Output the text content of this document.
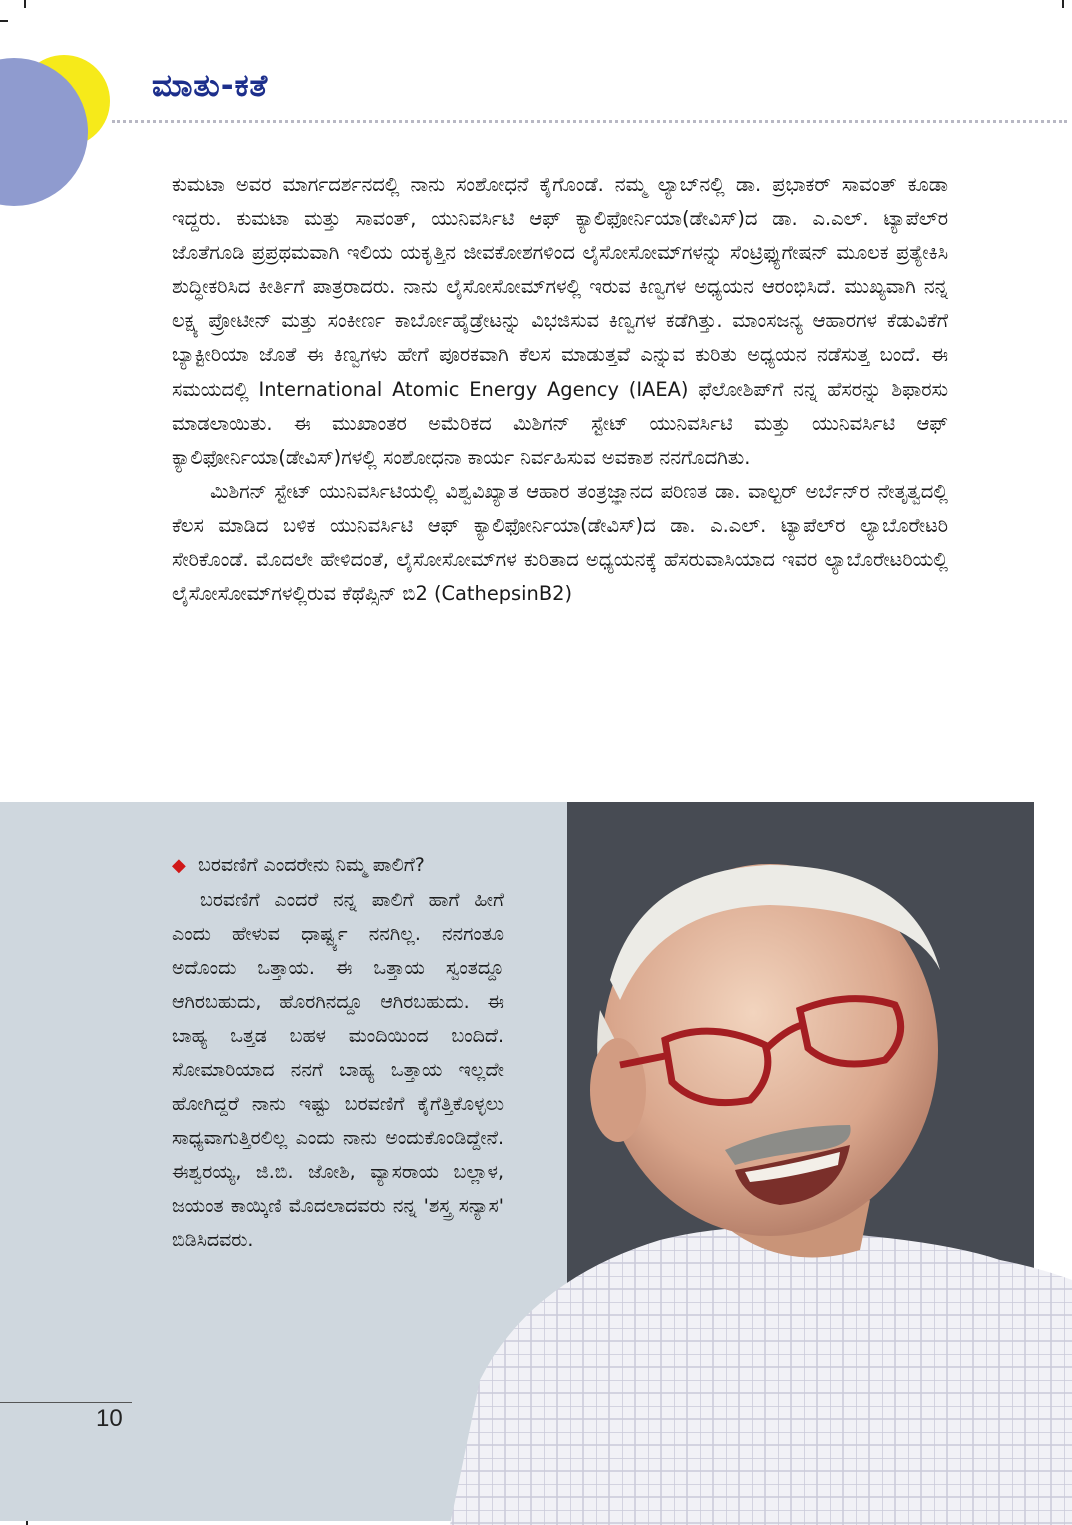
ಮಾತು-ಕತೆ

ಕುಮಟಾ ಅವರ ಮಾರ್ಗದರ್ಶನದಲ್ಲಿ ನಾನು ಸಂಶೋಧನೆ ಕೈಗೊಂಡೆ. ನಮ್ಮ ಲ್ಯಾಬ್‌ನಲ್ಲಿ ಡಾ. ಪ್ರಭಾಕರ್ ಸಾವಂತ್ ಕೂಡಾ ಇದ್ದರು. ಕುಮಟಾ ಮತ್ತು ಸಾವಂತ್, ಯುನಿವರ್ಸಿಟಿ ಆಫ್ ಕ್ಯಾಲಿಫೋರ್ನಿಯಾ(ಡೇವಿಸ್)ದ ಡಾ. ಎ.ಎಲ್. ಟ್ಯಾಪೆಲ್‌ರ ಜೊತೆಗೂಡಿ ಪ್ರಪ್ರಥಮವಾಗಿ ಇಲಿಯ ಯಕೃತ್ತಿನ ಜೀವಕೋಶಗಳಿಂದ ಲೈಸೋಸೋಮ್‌ಗಳನ್ನು ಸೆಂಟ್ರಿಫ್ಯುಗೇಷನ್ ಮೂಲಕ ಪ್ರತ್ಯೇಕಿಸಿ ಶುದ್ಧೀಕರಿಸಿದ ಕೀರ್ತಿಗೆ ಪಾತ್ರರಾದರು. ನಾನು ಲೈಸೋಸೋಮ್‌ಗಳಲ್ಲಿ ಇರುವ ಕಿಣ್ವಗಳ ಅಧ್ಯಯನ ಆರಂಭಿಸಿದೆ. ಮುಖ್ಯವಾಗಿ ನನ್ನ ಲಕ್ಷ್ಯ ಪ್ರೋಟೀನ್ ಮತ್ತು ಸಂಕೀರ್ಣ ಕಾರ್ಬೋಹೈಡ್ರೇಟನ್ನು ವಿಭಜಿಸುವ ಕಿಣ್ವಗಳ ಕಡೆಗಿತ್ತು. ಮಾಂಸಜನ್ಯ ಆಹಾರಗಳ ಕೆಡುವಿಕೆಗೆ ಬ್ಯಾಕ್ಟೀರಿಯಾ ಜೊತೆ ಈ ಕಿಣ್ವಗಳು ಹೇಗೆ ಪೂರಕವಾಗಿ ಕೆಲಸ ಮಾಡುತ್ತವೆ ಎನ್ನುವ ಕುರಿತು ಅಧ್ಯಯನ ನಡೆಸುತ್ತ ಬಂದೆ. ಈ ಸಮಯದಲ್ಲಿ International Atomic Energy Agency (IAEA) ಫೆಲೋಶಿಪ್‌ಗೆ ನನ್ನ ಹೆಸರನ್ನು ಶಿಫಾರಸು ಮಾಡಲಾಯಿತು. ಈ ಮುಖಾಂತರ ಅಮೆರಿಕದ ಮಿಶಿಗನ್ ಸ್ಟೇಟ್ ಯುನಿವರ್ಸಿಟಿ ಮತ್ತು ಯುನಿವರ್ಸಿಟಿ ಆಫ್ ಕ್ಯಾಲಿಫೋರ್ನಿಯಾ(ಡೇವಿಸ್)ಗಳಲ್ಲಿ ಸಂಶೋಧನಾ ಕಾರ್ಯ ನಿರ್ವಹಿಸುವ ಅವಕಾಶ ನನಗೊದಗಿತು.

ಮಿಶಿಗನ್ ಸ್ಟೇಟ್ ಯುನಿವರ್ಸಿಟಿಯಲ್ಲಿ ವಿಶ್ವವಿಖ್ಯಾತ ಆಹಾರ ತಂತ್ರಜ್ಞಾನದ ಪರಿಣತ ಡಾ. ವಾಲ್ಟರ್ ಅರ್ಬೆನ್‌ರ ನೇತೃತ್ವದಲ್ಲಿ ಕೆಲಸ ಮಾಡಿದ ಬಳಿಕ ಯುನಿವರ್ಸಿಟಿ ಆಫ್ ಕ್ಯಾಲಿಫೋರ್ನಿಯಾ(ಡೇವಿಸ್)ದ ಡಾ. ಎ.ಎಲ್. ಟ್ಯಾಪೆಲ್‌ರ ಲ್ಯಾಬೊರೇಟರಿ ಸೇರಿಕೊಂಡೆ. ಮೊದಲೇ ಹೇಳಿದಂತೆ, ಲೈಸೋಸೋಮ್‌ಗಳ ಕುರಿತಾದ ಅಧ್ಯಯನಕ್ಕೆ ಹೆಸರುವಾಸಿಯಾದ ಇವರ ಲ್ಯಾಬೊರೇಟರಿಯಲ್ಲಿ ಲೈಸೋಸೋಮ್‌ಗಳಲ್ಲಿರುವ ಕೆಥೆಪ್ಸಿನ್ ಬಿ2 (CathepsinB2)

◆ ಬರವಣಿಗೆ ಎಂದರೇನು ನಿಮ್ಮ ಪಾಲಿಗೆ?

ಬರವಣಿಗೆ ಎಂದರೆ ನನ್ನ ಪಾಲಿಗೆ ಹಾಗೆ ಹೀಗೆ ಎಂದು ಹೇಳುವ ಧಾರ್ಷ್ಟ್ಯ ನನಗಿಲ್ಲ. ನನಗಂತೂ ಅದೊಂದು ಒತ್ತಾಯ. ಈ ಒತ್ತಾಯ ಸ್ವಂತದ್ದೂ ಆಗಿರಬಹುದು, ಹೊರಗಿನದ್ದೂ ಆಗಿರಬಹುದು. ಈ ಬಾಹ್ಯ ಒತ್ತಡ ಬಹಳ ಮಂದಿಯಿಂದ ಬಂದಿದೆ. ಸೋಮಾರಿಯಾದ ನನಗೆ ಬಾಹ್ಯ ಒತ್ತಾಯ ಇಲ್ಲದೇ ಹೋಗಿದ್ದರೆ ನಾನು ಇಷ್ಟು ಬರವಣಿಗೆ ಕೈಗೆತ್ತಿಕೊಳ್ಳಲು ಸಾಧ್ಯವಾಗುತ್ತಿರಲಿಲ್ಲ ಎಂದು ನಾನು ಅಂದುಕೊಂಡಿದ್ದೇನೆ. ಈಶ್ವರಯ್ಯ, ಜಿ.ಬಿ. ಜೋಶಿ, ವ್ಯಾಸರಾಯ ಬಲ್ಲಾಳ, ಜಯಂತ ಕಾಯ್ಕಿಣಿ ಮೊದಲಾದವರು ನನ್ನ 'ಶಸ್ತ್ರ ಸನ್ಯಾಸ' ಬಿಡಿಸಿದವರು.

10
